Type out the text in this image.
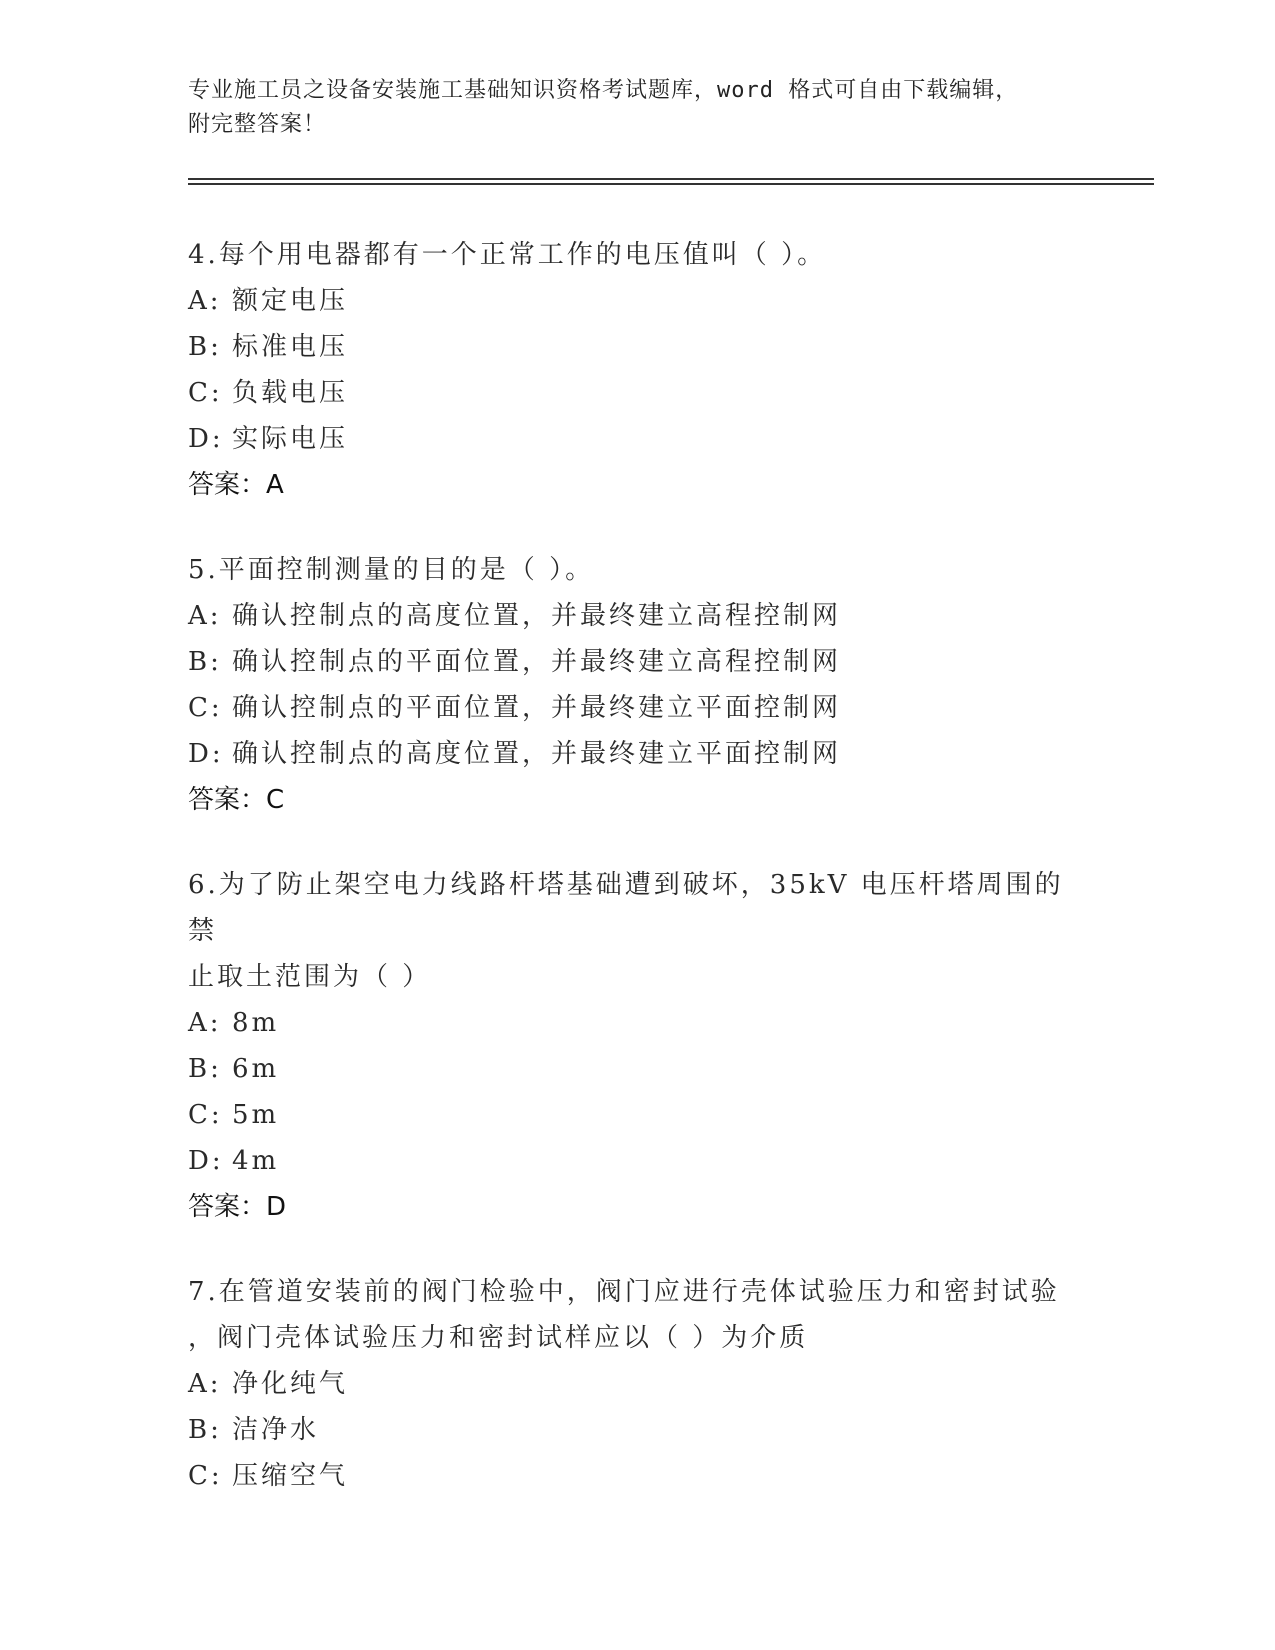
专业施工员之设备安装施工基础知识资格考试题库，word 格式可自由下载编辑，
附完整答案！
4.每个用电器都有一个正常工作的电压值叫（ ）。
A: 额定电压
B: 标准电压
C: 负载电压
D: 实际电压
答案：A
5.平面控制测量的目的是（ ）。
A: 确认控制点的高度位置，并最终建立高程控制网
B: 确认控制点的平面位置，并最终建立高程控制网
C: 确认控制点的平面位置，并最终建立平面控制网
D: 确认控制点的高度位置，并最终建立平面控制网
答案：C
6.为了防止架空电力线路杆塔基础遭到破坏，35kV 电压杆塔周围的禁
止取土范围为（ ）
A: 8m
B: 6m
C: 5m
D: 4m
答案：D
7.在管道安装前的阀门检验中，阀门应进行壳体试验压力和密封试验
，阀门壳体试验压力和密封试样应以（ ）为介质
A: 净化纯气
B: 洁净水
C: 压缩空气
